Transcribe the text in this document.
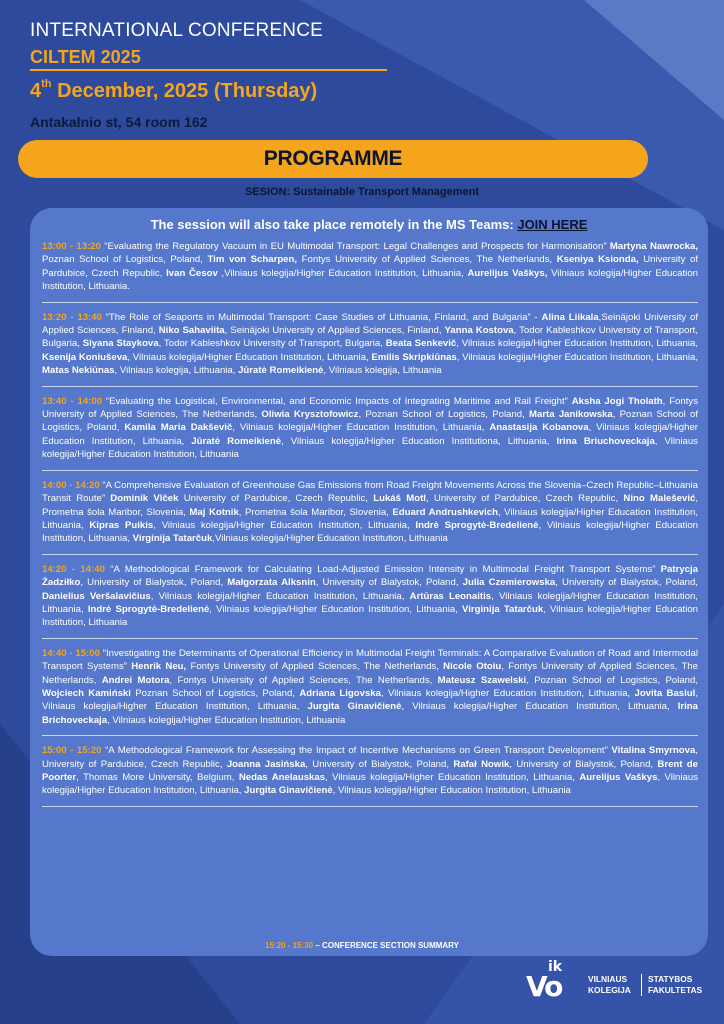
INTERNATIONAL CONFERENCE
CILTEM 2025
4th December, 2025 (Thursday)
Antakalnio st, 54 room 162
PROGRAMME
SESION: Sustainable Transport Management
The session will also take place remotely in the MS Teams: JOIN HERE
13:00 - 13:20 “Evaluating the Regulatory Vacuum in EU Multimodal Transport: Legal Challenges and Prospects for Harmonisation” Martyna Nawrocka, Poznan School of Logistics, Poland, Tim von Scharpen, Fontys University of Applied Sciences, The Netherlands, Kseniya Ksionda, University of Pardubice, Czech Republic, Ivan Česov ,Vilniaus kolegija/Higher Education Institution, Lithuania, Aurelijus Vaškys, Vilniaus kolegija/Higher Education Institution, Lithuania.
13:20 - 13:40 “The Role of Seaports in Multimodal Transport: Case Studies of Lithuania, Finland, and Bulgaria” - Alina Liikala,Seinäjoki University of Applied Sciences, Finland, Niko Sahaviita, Seinäjoki University of Applied Sciences, Finland, Yanna Kostova, Todor Kableshkov University of Transport, Bulgaria, Siyana Staykova, Todor Kableshkov University of Transport, Bulgaria, Beata Senkevič, Vilniaus kolegija/Higher Education Institution, Lithuania, Ksenija Koniuševa, Vilniaus kolegija/Higher Education Institution, Lithuania, Emilis Skripkiūnas, Vilniaus kolegija/Higher Education Institution, Lithuania, Matas Nekiūnas, Vilniaus kolegija, Lithuania, Jūratė Romeikienė, Vilniaus kolegija, Lithuania
13:40 - 14:00 “Evaluating the Logistical, Environmental, and Economic Impacts of Integrating Maritime and Rail Freight” Aksha Jogi Tholath, Fontys University of Applied Sciences, The Netherlands, Oliwia Krysztofowicz, Poznan School of Logistics, Poland, Marta Janikowska, Poznan School of Logistics, Poland, Kamila Maria Dakševič, Vilniaus kolegija/Higher Education Institution, Lithuania, Anastasija Kobanova, Vilniaus kolegija/Higher Education Institution, Lithuania, Jūratė Romeikienė, Vilniaus kolegija/Higher Education Institutiona, Lithuania, Irina Briuchoveckaja, Vilniaus kolegija/Higher Education Institution, Lithuania
14:00 - 14:20 “A Comprehensive Evaluation of Greenhouse Gas Emissions from Road Freight Movements Across the Slovenia–Czech Republic–Lithuania Transit Route” Dominik Vlček University of Pardubice, Czech Republic, Lukáš Motl, University of Pardubice, Czech Republic, Nino Malešević, Prometna šola Maribor, Slovenia, Maj Kotnik, Prometna šola Maribor, Slovenia, Eduard Andrushkevich, Vilniaus kolegija/Higher Education Institution, Lithuania, Kipras Puikis, Vilniaus kolegija/Higher Education Institution, Lithuania, Indrė Sprogytė-Bredelienė, Vilniaus kolegija/Higher Education Institution, Lithuania, Virginija Tatarčuk,Vilniaus kolegija/Higher Education Institution, Lithuania
14:20 - 14:40 “A Methodological Framework for Calculating Load-Adjusted Emission Intensity in Multimodal Freight Transport Systems” Patrycja Żadziłko, University of Bialystok, Poland, Małgorzata Alksnin, University of Bialystok, Poland, Julia Czemierowska, University of Bialystok, Poland, Danielius Veršalavičius, Vilniaus kolegija/Higher Education Institution, Lithuania, Artūras Leonaitis, Vilniaus kolegija/Higher Education Institution, Lithuania, Indrė Sprogytė-Bredelienė, Vilniaus kolegija/Higher Education Institution, Lithuania, Virginija Tatarčuk, Vilniaus kolegija/Higher Education Institution, Lithuania
14:40 - 15:00 “Investigating the Determinants of Operational Efficiency in Multimodal Freight Terminals: A Comparative Evaluation of Road and Intermodal Transport Systems” Henrik Neu, Fontys University of Applied Sciences, The Netherlands, Nicole Otoiu, Fontys University of Applied Sciences, The Netherlands, Andrei Motora, Fontys University of Applied Sciences, The Netherlands, Mateusz Szawelski, Poznan School of Logistics, Poland, Wojciech Kamiński Poznan School of Logistics, Poland, Adriana Ligovska, Vilniaus kolegija/Higher Education Institution, Lithuania, Jovita Basiul, Vilniaus kolegija/Higher Education Institution, Lithuania, Jurgita Ginavičienė, Vilniaus kolegija/Higher Education Institution, Lithuania, Irina Brichoveckaja, Vilniaus kolegija/Higher Education Institution, Lithuania
15:00 - 15:20 “A Methodological Framework for Assessing the Impact of Incentive Mechanisms on Green Transport Development” Vitalina Smyrnova, University of Pardubice, Czech Republic, Joanna Jasińska, University of Bialystok, Poland, Rafał Nowik, University of Bialystok, Poland, Brent de Poorter, Thomas More University, Belgium, Nedas Anelauskas, Vilniaus kolegija/Higher Education Institution, Lithuania, Aurelijus Vaškys, Vilniaus kolegija/Higher Education Institution, Lithuania, Jurgita Ginavičienė, Vilniaus kolegija/Higher Education Institution, Lithuania
15:20 - 15:30 – CONFERENCE SECTION SUMMARY
ik
Vo	VILNIAUS
KOLEGIJA
STATYBOS
FAKULTETAS
